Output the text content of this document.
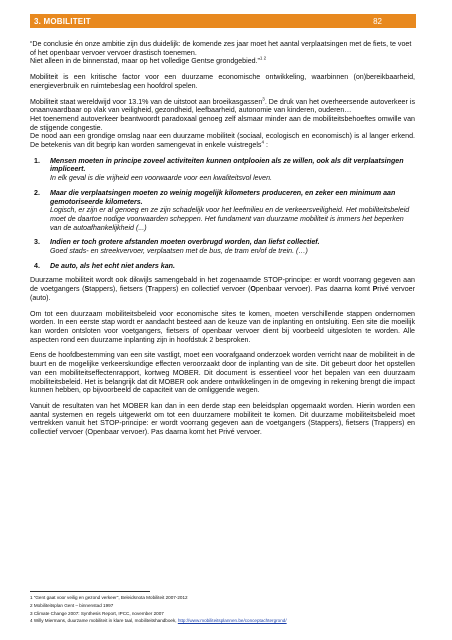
3. MOBILITEIT	82
“De conclusie én onze ambitie zijn dus duidelijk: de komende zes jaar moet het aantal verplaatsingen met de fiets, te voet of het openbaar vervoer vervoer drastisch toenemen.
Niet alleen in de binnenstad, maar op het volledige Gentse grondgebied.”$^{1 2}$

Mobiliteit is een kritische factor voor een duurzame economische ontwikkeling, waarbinnen (on)bereikbaarheid, energieverbruik en ruimtebeslag een hoofdrol spelen.

Mobiliteit staat wereldwijd voor 13.1% van de uitstoot aan broeikasgassen$^3$. De druk van het overheersende autoverkeer is onaanvaardbaar op vlak van veiligheid, gezondheid, leefbaarheid, autonomie van kinderen, ouderen…
Het toenemend autoverkeer beantwoordt paradoxaal genoeg zelf alsmaar minder aan de mobiliteitsbehoeftes omwille van de stijgende congestie.
De nood aan een grondige omslag naar een duurzame mobiliteit (sociaal, ecologisch en economisch) is al langer erkend. De betekenis van dit begrip kan worden samengevat in enkele vuistregels$^4$ :

1.	Mensen moeten in principe zoveel activiteiten kunnen ontplooien als ze willen, ook als dit verplaatsingen impliceert.
In elk geval is die vrijheid een voorwaarde voor een kwaliteitsvol leven.
2.	Maar die verplaatsingen moeten zo weinig mogelijk kilometers produceren, en zeker een minimum aan gemotoriseerde kilometers.
Logisch, er zijn er al genoeg en ze zijn schadelijk voor het leefmilieu en de verkeersveiligheid. Het mobiliteitsbeleid moet de daartoe nodige voorwaarden scheppen. Het fundament van duurzame mobiliteit is immers het beperken van de autoafhankelijkheid (...)
3.	Indien er toch grotere afstanden moeten overbrugd worden, dan liefst collectief.
Goed stads- en streekvervoer, verplaatsen met de bus, de tram en/of de trein. (…)
4.	De auto, als het echt niet anders kan.

Duurzame mobiliteit wordt ook dikwijls samengebald in het zogenaamde STOP-principe: er wordt voorrang gegeven aan de voetgangers (Stappers), fietsers (Trappers) en collectief vervoer (Openbaar vervoer). Pas daarna komt Privé vervoer (auto).

Om tot een duurzaam mobiliteitsbeleid voor economische sites te komen, moeten verschillende stappen ondernomen worden. In een eerste stap wordt er aandacht besteed aan de keuze van de inplanting en ontsluiting. Een site die moeilijk kan worden ontsloten voor voetgangers, fietsers of openbaar vervoer dient bij voorbeeld uitgesloten te worden. Alle aspecten rond een duurzame inplanting zijn in hoofdstuk 2 besproken.

Eens de hoofdbestemming van een site vastligt, moet een voorafgaand onderzoek worden verricht naar de mobiliteit in de buurt en de mogelijke verkeerskundige effecten veroorzaakt door de inplanting van de site. Dit gebeurt door het opstellen van een mobiliteitseffectenrapport, kortweg MOBER. Dit document is essentieel voor het bepalen van een duurzaam mobiliteitsbeleid. Het is belangrijk dat dit MOBER ook andere ontwikkelingen in de omgeving in rekening brengt die impact kunnen hebben, op bijvoorbeeld de capaciteit van de omliggende wegen.

Vanuit de resultaten van het MOBER kan dan in een derde stap een beleidsplan opgemaakt worden. Hierin worden een aantal systemen en regels uitgewerkt om tot een duurzamere mobiliteit te komen. Dit duurzame mobiliteitsbeleid moet vertrekken vanuit het STOP-principe: er wordt voorrang gegeven aan de voetgangers (Stappers), fietsers (Trappers) en collectief vervoer (Openbaar vervoer). Pas daarna komt het Privé vervoer.

1 “Gent gaat voor veilig en gezond verkeer”, Beleidsnota Mobiliteit 2007-2012
2 Mobiliteitsplan Gent – binnenstad 1997
3 Climate Change 2007: Synthesis Report, IPCC, november 2007
4 Willy Miermans, duurzame mobiliteit in klare taal, mobiliteitshandboek, http://www.mobiliteitsplannen.be/conceptachtergrond/
